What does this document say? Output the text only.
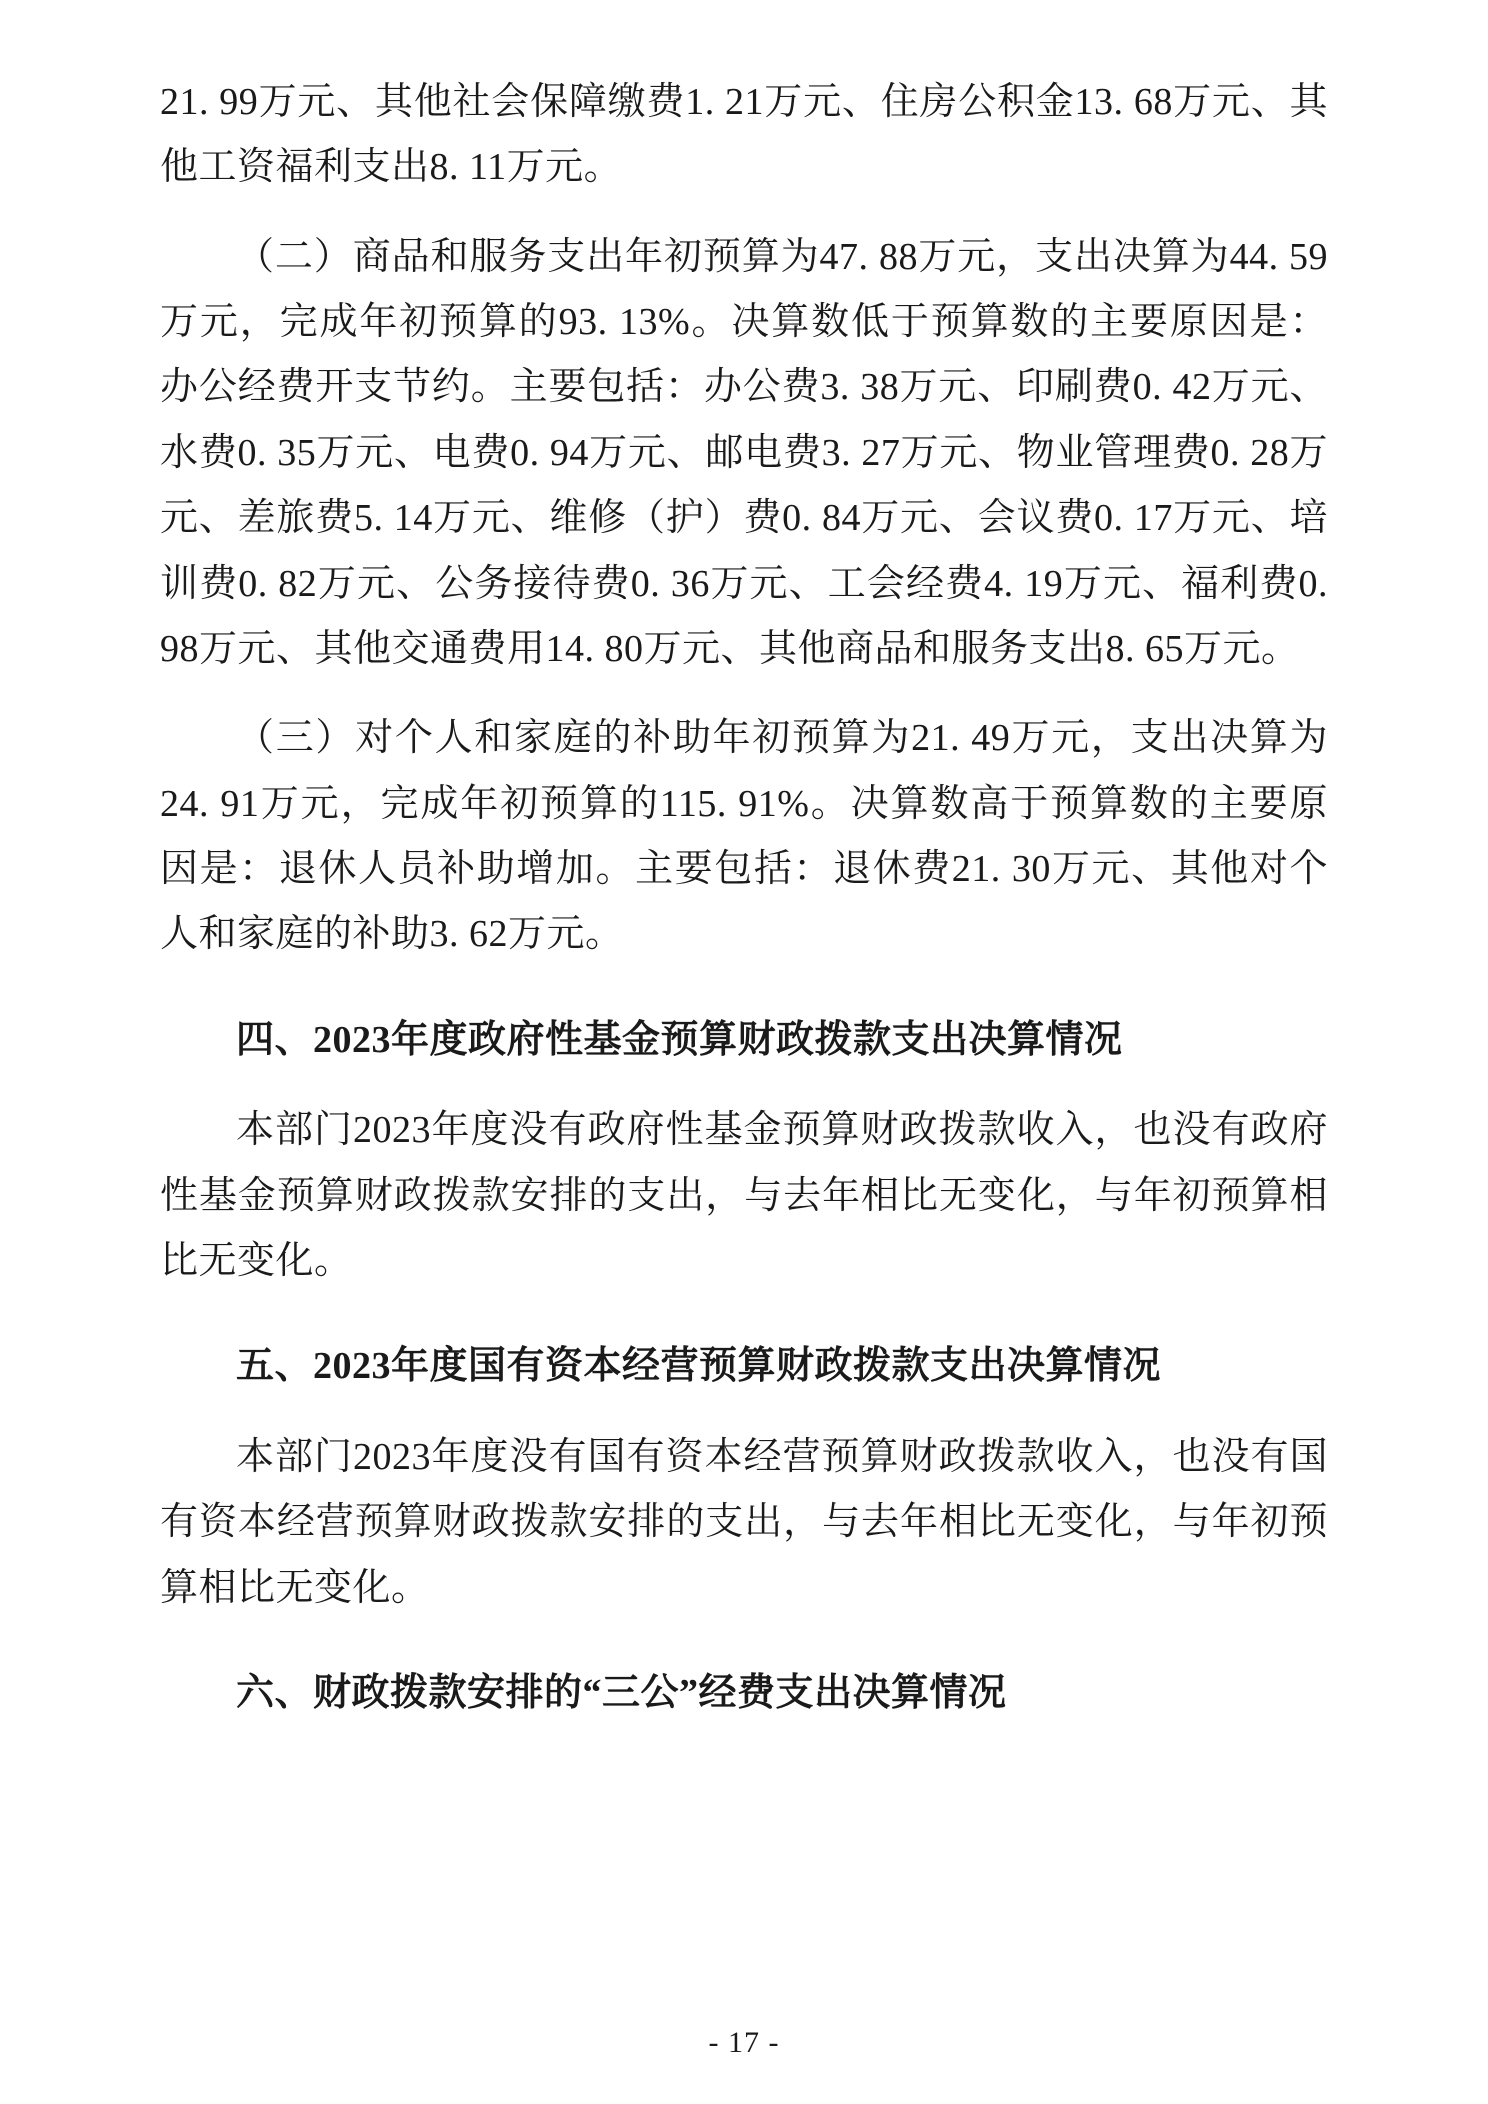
21. 99万元、其他社会保障缴费1. 21万元、住房公积金13. 68万元、其他工资福利支出8. 11万元。

（二）商品和服务支出年初预算为47. 88万元，支出决算为44. 59万元，完成年初预算的93. 13%。决算数低于预算数的主要原因是：办公经费开支节约。主要包括：办公费3. 38万元、印刷费0. 42万元、水费0. 35万元、电费0. 94万元、邮电费3. 27万元、物业管理费0. 28万元、差旅费5. 14万元、维修（护）费0. 84万元、会议费0. 17万元、培训费0. 82万元、公务接待费0. 36万元、工会经费4. 19万元、福利费0. 98万元、其他交通费用14. 80万元、其他商品和服务支出8. 65万元。

（三）对个人和家庭的补助年初预算为21. 49万元，支出决算为24. 91万元，完成年初预算的115. 91%。决算数高于预算数的主要原因是：退休人员补助增加。主要包括：退休费21. 30万元、其他对个人和家庭的补助3. 62万元。

四、2023年度政府性基金预算财政拨款支出决算情况

本部门2023年度没有政府性基金预算财政拨款收入，也没有政府性基金预算财政拨款安排的支出，与去年相比无变化，与年初预算相比无变化。

五、2023年度国有资本经营预算财政拨款支出决算情况

本部门2023年度没有国有资本经营预算财政拨款收入，也没有国有资本经营预算财政拨款安排的支出，与去年相比无变化，与年初预算相比无变化。

六、财政拨款安排的“三公”经费支出决算情况
- 17 -
